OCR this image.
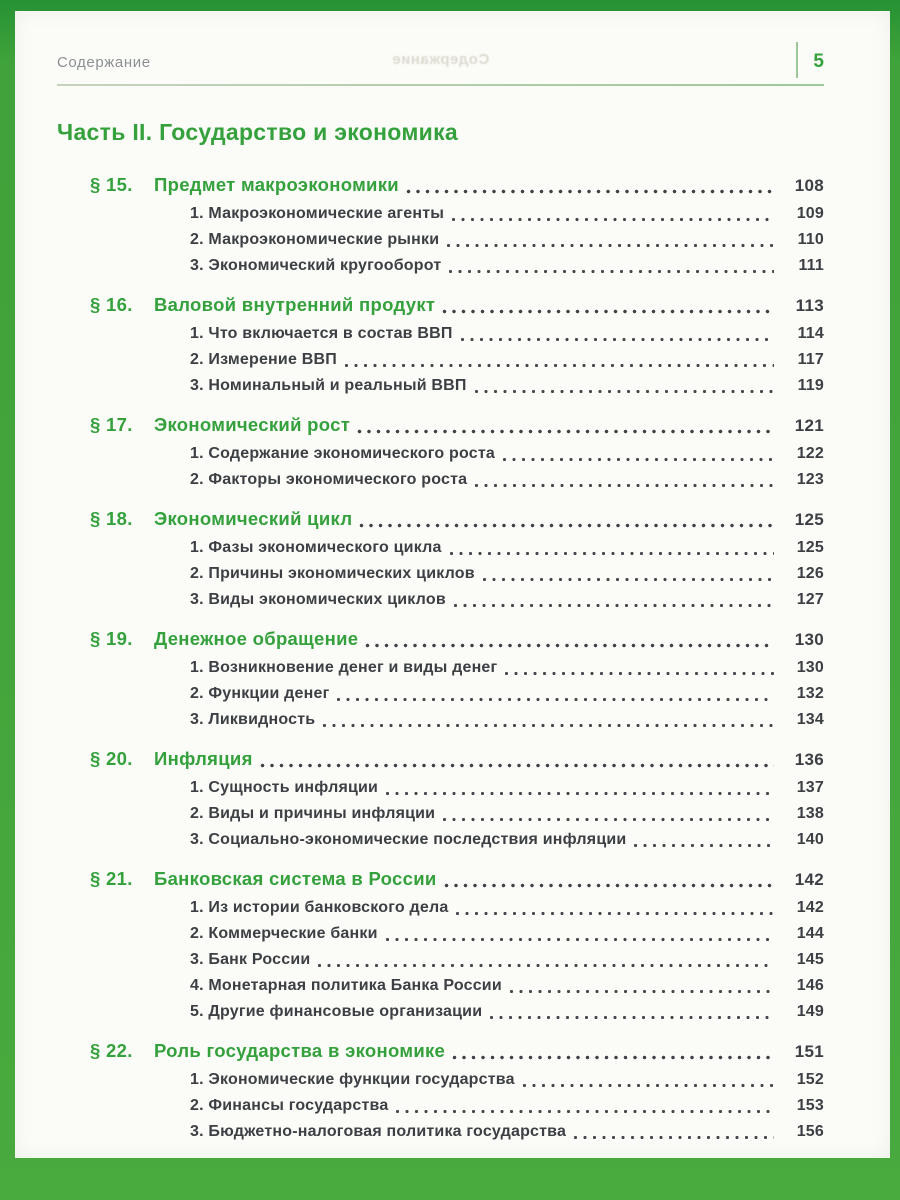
Содержание	Содержание	5
Часть II. Государство и экономика
§ 15.	Предмет макроэкономики	108
1. Макроэкономические агенты	109
2. Макроэкономические рынки	110
3. Экономический кругооборот	111
§ 16.	Валовой внутренний продукт	113
1. Что включается в состав ВВП	114
2. Измерение ВВП	117
3. Номинальный и реальный ВВП	119
§ 17.	Экономический рост	121
1. Содержание экономического роста	122
2. Факторы экономического роста	123
§ 18.	Экономический цикл	125
1. Фазы экономического цикла	125
2. Причины экономических циклов	126
3. Виды экономических циклов	127
§ 19.	Денежное обращение	130
1. Возникновение денег и виды денег	130
2. Функции денег	132
3. Ликвидность	134
§ 20.	Инфляция	136
1. Сущность инфляции	137
2. Виды и причины инфляции	138
3. Социально-экономические последствия инфляции	140
§ 21.	Банковская система в России	142
1. Из истории банковского дела	142
2. Коммерческие банки	144
3. Банк России	145
4. Монетарная политика Банка России	146
5. Другие финансовые организации	149
§ 22.	Роль государства в экономике	151
1. Экономические функции государства	152
2. Финансы государства	153
3. Бюджетно-налоговая политика государства	156
